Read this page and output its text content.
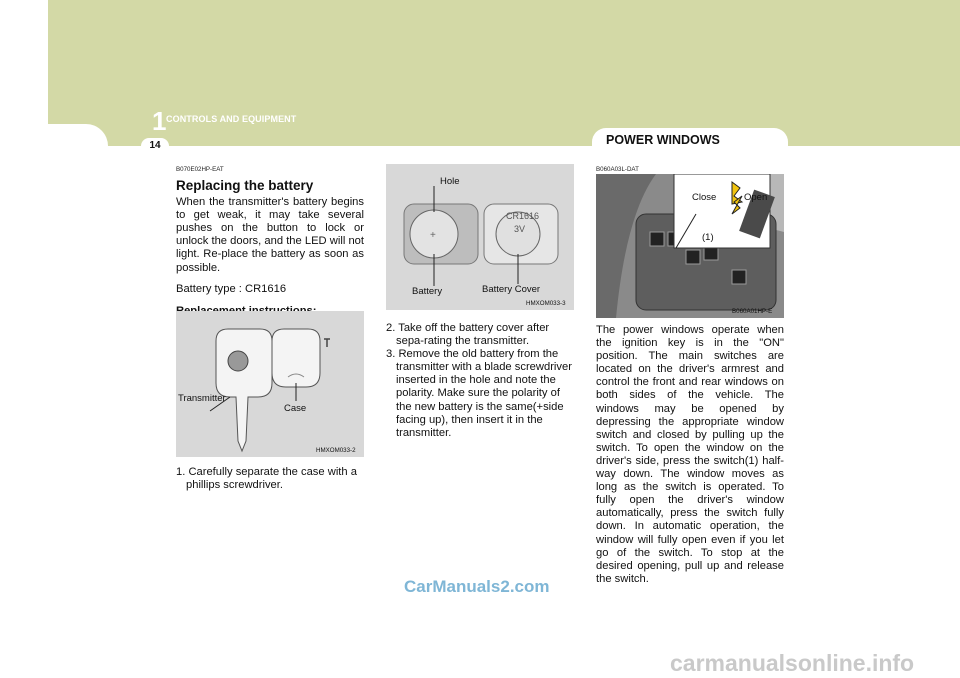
1 CONTROLS AND EQUIPMENT
14	POWER WINDOWS
B070E02HP-EAT
Replacing the battery

When the transmitter's battery begins to get weak, it may take several pushes on the button to lock or unlock the doors, and the LED will not light. Re-place the battery as soon as possible.

Battery type : CR1616

Transmitter
Case
HMXOM033-2
1. Carefully separate the case with a phillips screwdriver.
+
Hole
CR1616
3V
Battery	Battery Cover
HMXOM033-3
2. Take off the battery cover after sepa-rating the transmitter.
3. Remove the old battery from the transmitter with a blade screwdriver inserted in the hole and note the polarity. Make sure the polarity of the new battery is the same(+side facing up), then insert it in the transmitter.
B060A03L-DAT
Close	Open
(1)
B060A01HP-E

The power windows operate when the ignition key is in the "ON" position. The main switches are located on the driver's armrest and control the front and rear windows on both sides of the vehicle. The windows may be opened by depressing the appropriate window switch and closed by pulling up the switch. To open the window on the driver's side, press the switch(1) half-way down. The window moves as long as the switch is operated. To fully open the driver's window automatically, press the switch fully down. In automatic operation, the window will fully open even if you let go of the switch. To stop at the desired opening, pull up and release the switch.

CarManuals2.com
carmanualsonline.info
